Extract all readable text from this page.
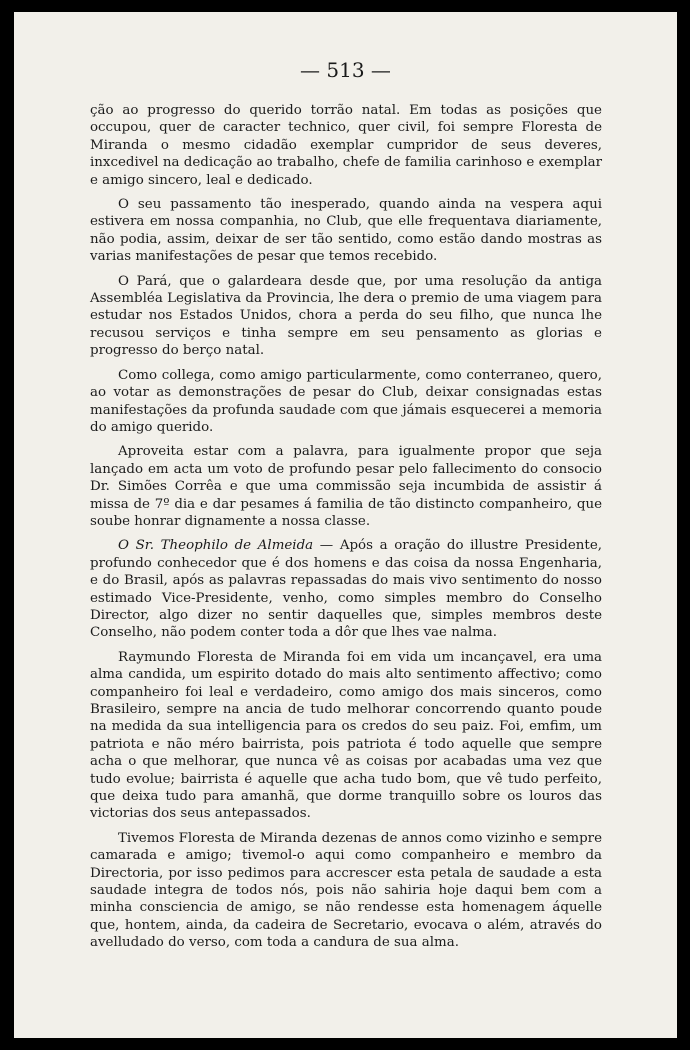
— 513 —

ção ao progresso do querido torrão natal. Em todas as posições que occupou, quer de caracter technico, quer civil, foi sempre Floresta de Miranda o mesmo cidadão exemplar cumpridor de seus deveres, inxcedivel na dedicação ao trabalho, chefe de familia carinhoso e exemplar e amigo sincero, leal e dedicado.

O seu passamento tão inesperado, quando ainda na vespera aqui estivera em nossa companhia, no Club, que elle frequentava diariamente, não podia, assim, deixar de ser tão sentido, como estão dando mostras as varias manifestações de pesar que temos recebido.

O Pará, que o galardeara desde que, por uma resolução da antiga Assembléa Legislativa da Provincia, lhe dera o premio de uma viagem para estudar nos Estados Unidos, chora a perda do seu filho, que nunca lhe recusou serviços e tinha sempre em seu pensamento as glorias e progresso do berço natal.

Como collega, como amigo particularmente, como conterraneo, quero, ao votar as demonstrações de pesar do Club, deixar consignadas estas manifestações da profunda saudade com que jámais esquecerei a memoria do amigo querido.

Aproveita estar com a palavra, para igualmente propor que seja lançado em acta um voto de profundo pesar pelo fallecimento do consocio Dr. Simões Corrêa e que uma commissão seja incumbida de assistir á missa de 7º dia e dar pesames á familia de tão distincto companheiro, que soube honrar dignamente a nossa classe.

O Sr. Theophilo de Almeida — Após a oração do illustre Presidente, profundo conhecedor que é dos homens e das coisa da nossa Engenharia, e do Brasil, após as palavras repassadas do mais vivo sentimento do nosso estimado Vice-Presidente, venho, como simples membro do Conselho Director, algo dizer no sentir daquelles que, simples membros deste Conselho, não podem conter toda a dôr que lhes vae nalma.

Raymundo Floresta de Miranda foi em vida um incançavel, era uma alma candida, um espirito dotado do mais alto sentimento affectivo; como companheiro foi leal e verdadeiro, como amigo dos mais sinceros, como Brasileiro, sempre na ancia de tudo melhorar concorrendo quanto poude na medida da sua intelligencia para os credos do seu paiz. Foi, emfim, um patriota e não méro bairrista, pois patriota é todo aquelle que sempre acha o que melhorar, que nunca vê as coisas por acabadas uma vez que tudo evolue; bairrista é aquelle que acha tudo bom, que vê tudo perfeito, que deixa tudo para amanhã, que dorme tranquillo sobre os louros das victorias dos seus antepassados.

Tivemos Floresta de Miranda dezenas de annos como vizinho e sempre camarada e amigo; tivemol-o aqui como companheiro e membro da Directoria, por isso pedimos para accrescer esta petala de saudade a esta saudade integra de todos nós, pois não sahiria hoje daqui bem com a minha consciencia de amigo, se não rendesse esta homenagem áquelle que, hontem, ainda, da cadeira de Secretario, evocava o além, através do avelludado do verso, com toda a candura de sua alma.
